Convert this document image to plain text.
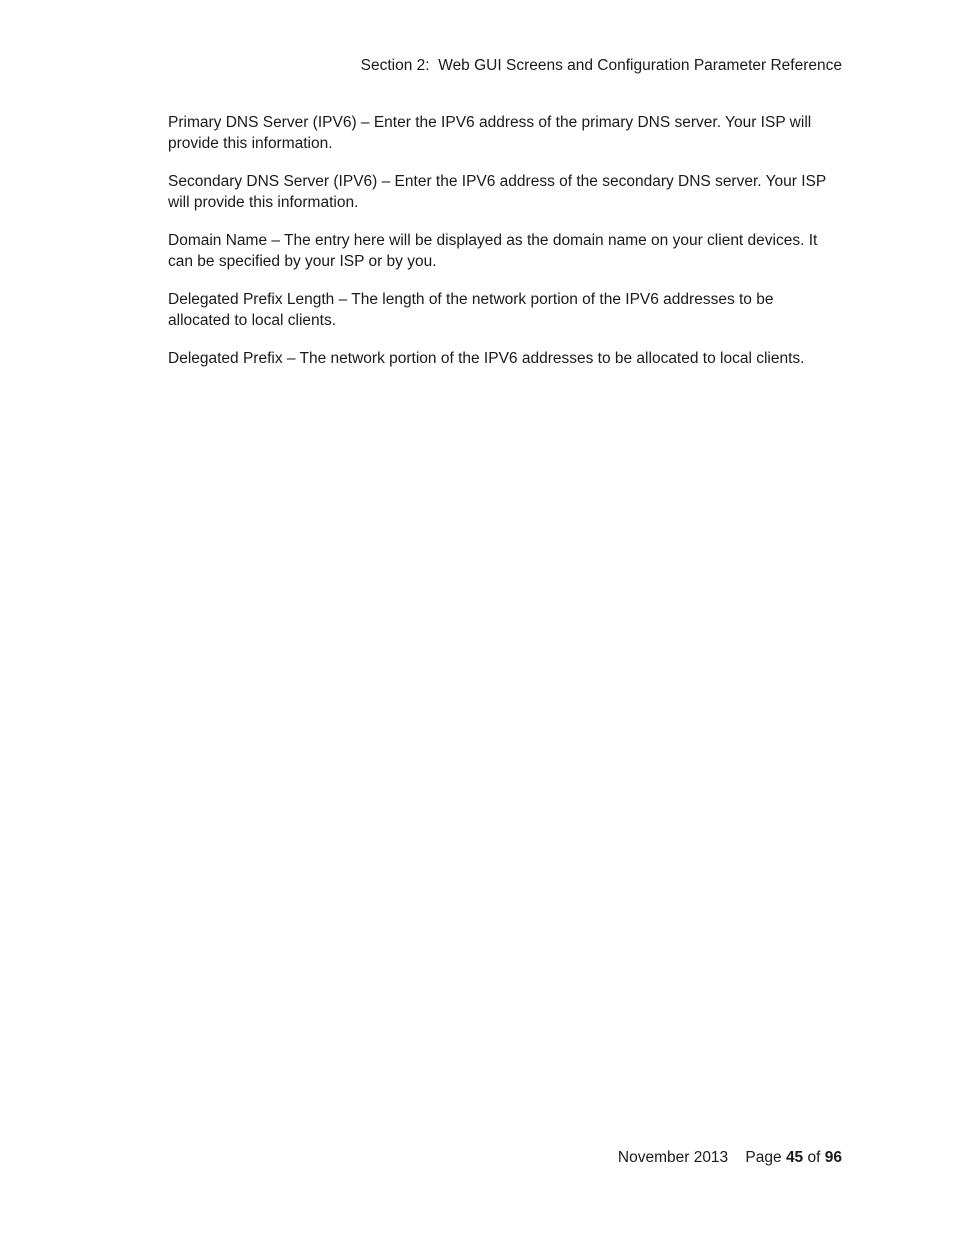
Section 2:  Web GUI Screens and Configuration Parameter Reference

Primary DNS Server (IPV6) – Enter the IPV6 address of the primary DNS server. Your ISP will provide this information.

Secondary DNS Server (IPV6) – Enter the IPV6 address of the secondary DNS server. Your ISP will provide this information.

Domain Name – The entry here will be displayed as the domain name on your client devices. It can be specified by your ISP or by you.

Delegated Prefix Length – The length of the network portion of the IPV6 addresses to be allocated to local clients.

Delegated Prefix – The network portion of the IPV6 addresses to be allocated to local clients.

November 2013 Page 45 of 96
